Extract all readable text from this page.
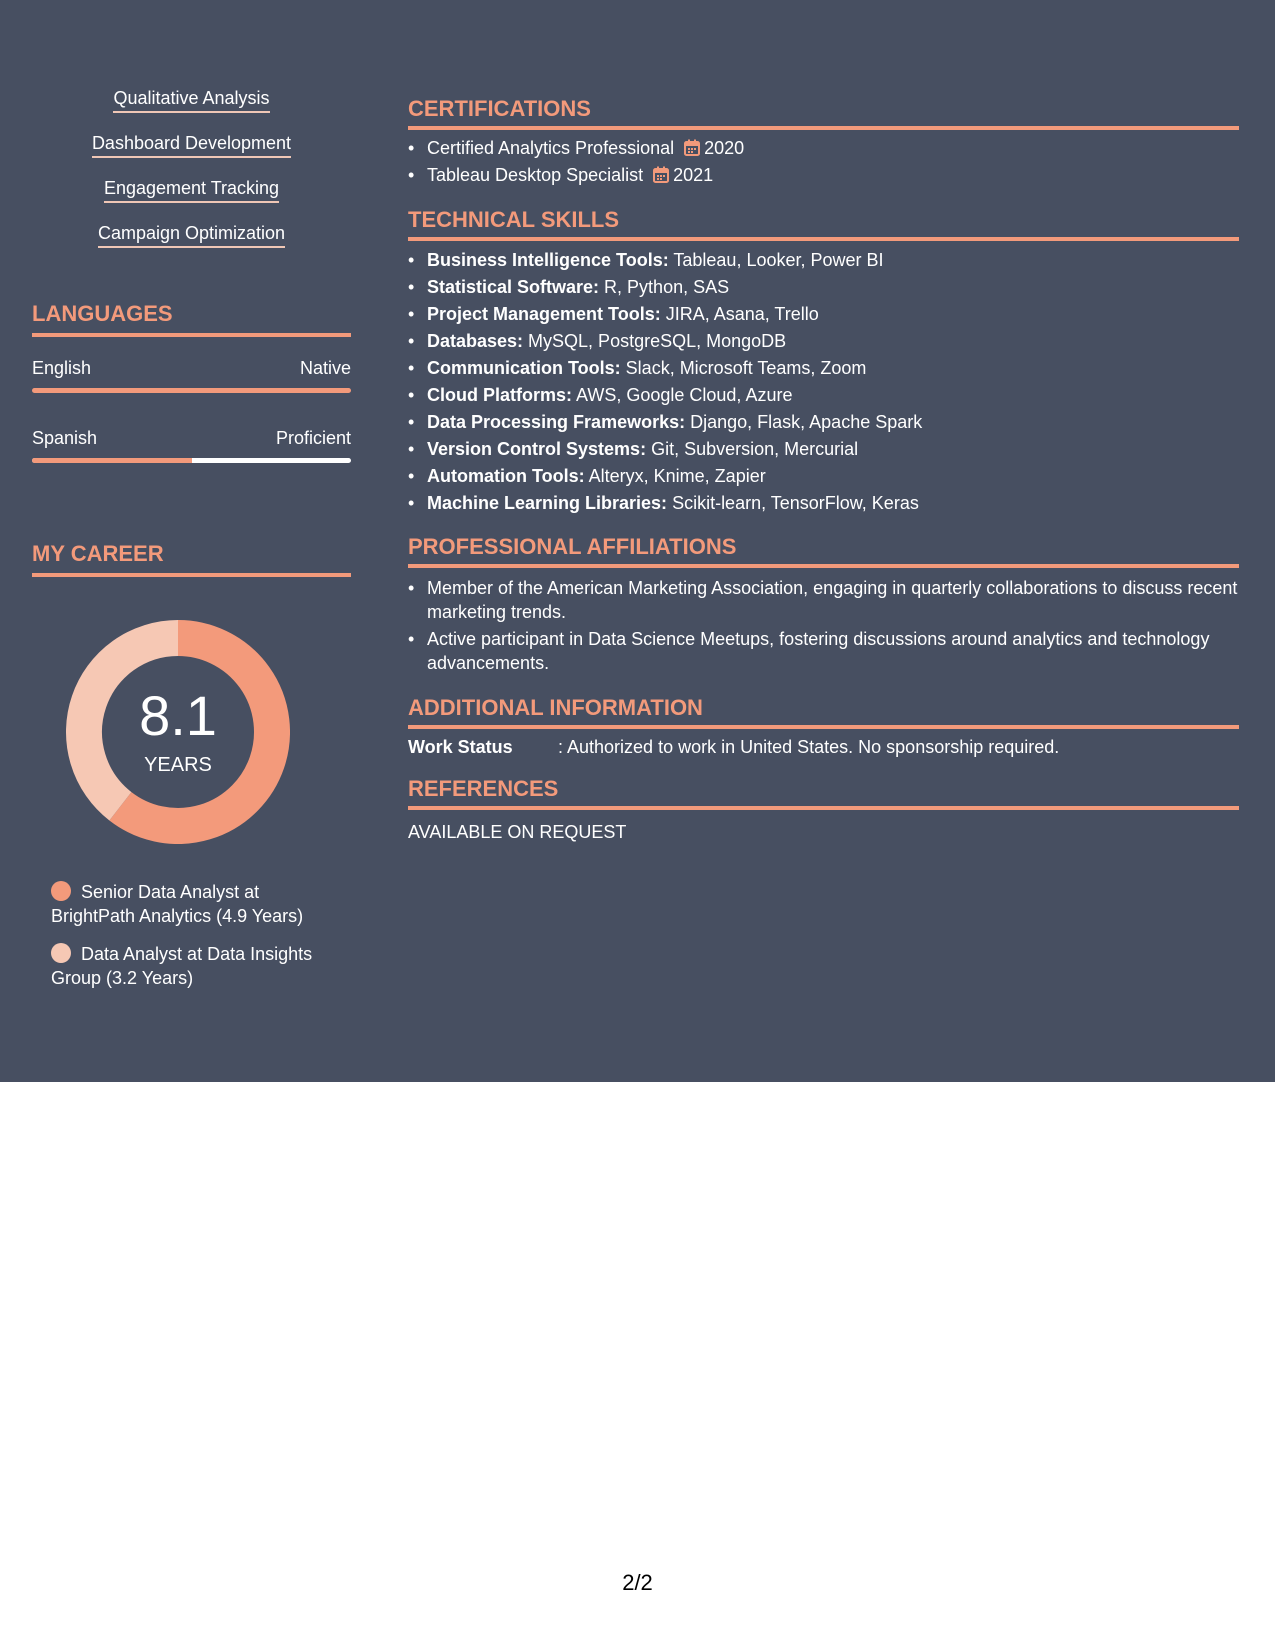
Qualitative Analysis
Dashboard Development
Engagement Tracking
Campaign Optimization
LANGUAGES
English	Native
Spanish	Proficient
MY CAREER
8.1
YEARS
Senior Data Analyst at BrightPath Analytics (4.9 Years)
Data Analyst at Data Insights Group (3.2 Years)
CERTIFICATIONS
• Certified Analytics Professional 2020
• Tableau Desktop Specialist 2021
TECHNICAL SKILLS
• Business Intelligence Tools: Tableau, Looker, Power BI
• Statistical Software: R, Python, SAS
• Project Management Tools: JIRA, Asana, Trello
• Databases: MySQL, PostgreSQL, MongoDB
• Communication Tools: Slack, Microsoft Teams, Zoom
• Cloud Platforms: AWS, Google Cloud, Azure
• Data Processing Frameworks: Django, Flask, Apache Spark
• Version Control Systems: Git, Subversion, Mercurial
• Automation Tools: Alteryx, Knime, Zapier
• Machine Learning Libraries: Scikit-learn, TensorFlow, Keras
PROFESSIONAL AFFILIATIONS
• Member of the American Marketing Association, engaging in quarterly collaborations to discuss recent marketing trends.
• Active participant in Data Science Meetups, fostering discussions around analytics and technology advancements.
ADDITIONAL INFORMATION
Work Status	: Authorized to work in United States. No sponsorship required.
REFERENCES
AVAILABLE ON REQUEST
2/2
